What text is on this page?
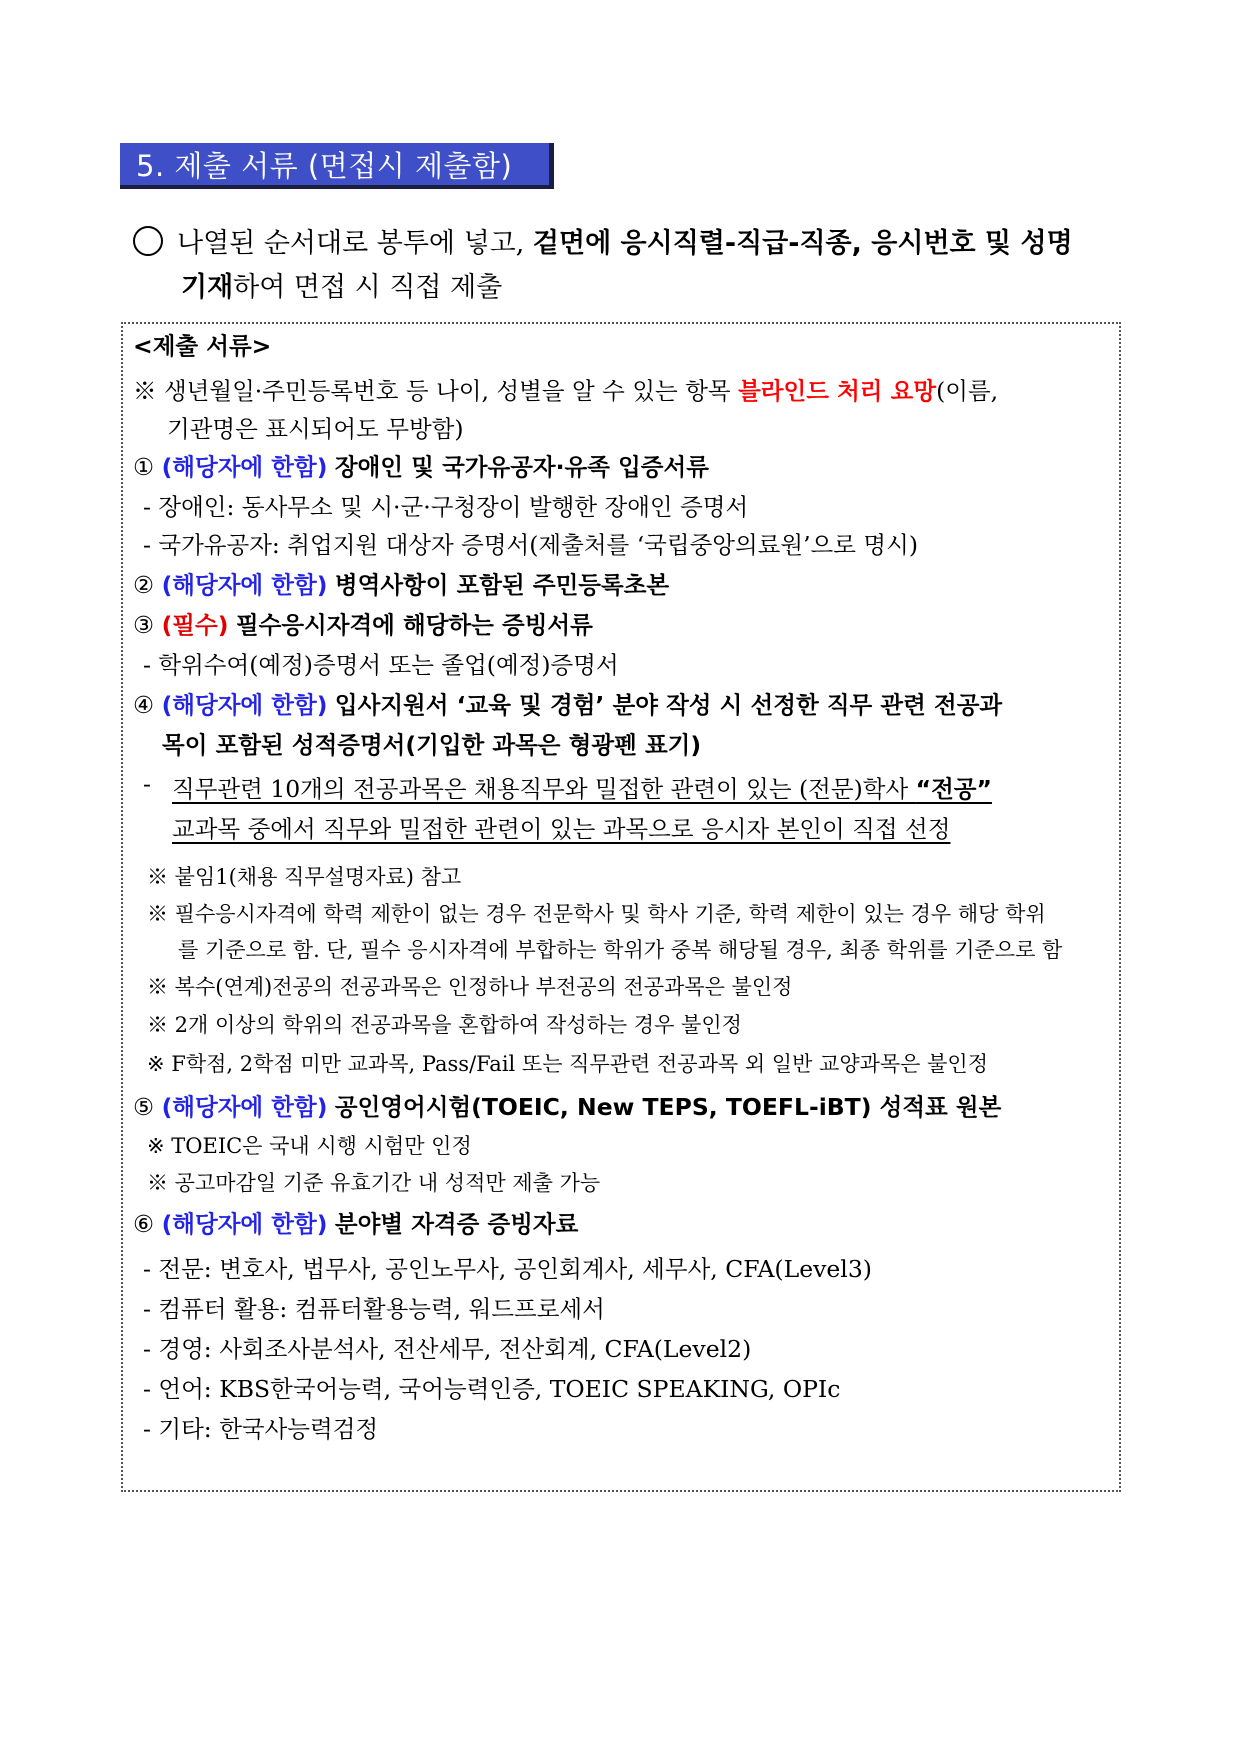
5. 제출 서류 (면접시 제출함)
나열된 순서대로 봉투에 넣고, 겉면에 응시직렬-직급-직종, 응시번호 및 성명
기재하여 면접 시 직접 제출
<제출 서류>
※ 생년월일·주민등록번호 등 나이, 성별을 알 수 있는 항목 블라인드 처리 요망(이름,
기관명은 표시되어도 무방함)
① (해당자에 한함) 장애인 및 국가유공자·유족 입증서류
- 장애인: 동사무소 및 시·군·구청장이 발행한 장애인 증명서
- 국가유공자: 취업지원 대상자 증명서(제출처를 ‘국립중앙의료원’으로 명시)
② (해당자에 한함) 병역사항이 포함된 주민등록초본
③ (필수) 필수응시자격에 해당하는 증빙서류
- 학위수여(예정)증명서 또는 졸업(예정)증명서
④ (해당자에 한함) 입사지원서 ‘교육 및 경험’ 분야 작성 시 선정한 직무 관련 전공과
목이 포함된 성적증명서(기입한 과목은 형광펜 표기)
- 직무관련 10개의 전공과목은 채용직무와 밀접한 관련이 있는 (전문)학사 “전공”
교과목 중에서 직무와 밀접한 관련이 있는 과목으로 응시자 본인이 직접 선정
※ 붙임1(채용 직무설명자료) 참고
※ 필수응시자격에 학력 제한이 없는 경우 전문학사 및 학사 기준, 학력 제한이 있는 경우 해당 학위
를 기준으로 함. 단, 필수 응시자격에 부합하는 학위가 중복 해당될 경우, 최종 학위를 기준으로 함
※ 복수(연계)전공의 전공과목은 인정하나 부전공의 전공과목은 불인정
※ 2개 이상의 학위의 전공과목을 혼합하여 작성하는 경우 불인정
※ F학점, 2학점 미만 교과목, Pass/Fail 또는 직무관련 전공과목 외 일반 교양과목은 불인정
⑤ (해당자에 한함) 공인영어시험(TOEIC, New TEPS, TOEFL-iBT) 성적표 원본
※ TOEIC은 국내 시행 시험만 인정
※ 공고마감일 기준 유효기간 내 성적만 제출 가능
⑥ (해당자에 한함) 분야별 자격증 증빙자료
- 전문: 변호사, 법무사, 공인노무사, 공인회계사, 세무사, CFA(Level3)
- 컴퓨터 활용: 컴퓨터활용능력, 워드프로세서
- 경영: 사회조사분석사, 전산세무, 전산회계, CFA(Level2)
- 언어: KBS한국어능력, 국어능력인증, TOEIC SPEAKING, OPIc
- 기타: 한국사능력검정
